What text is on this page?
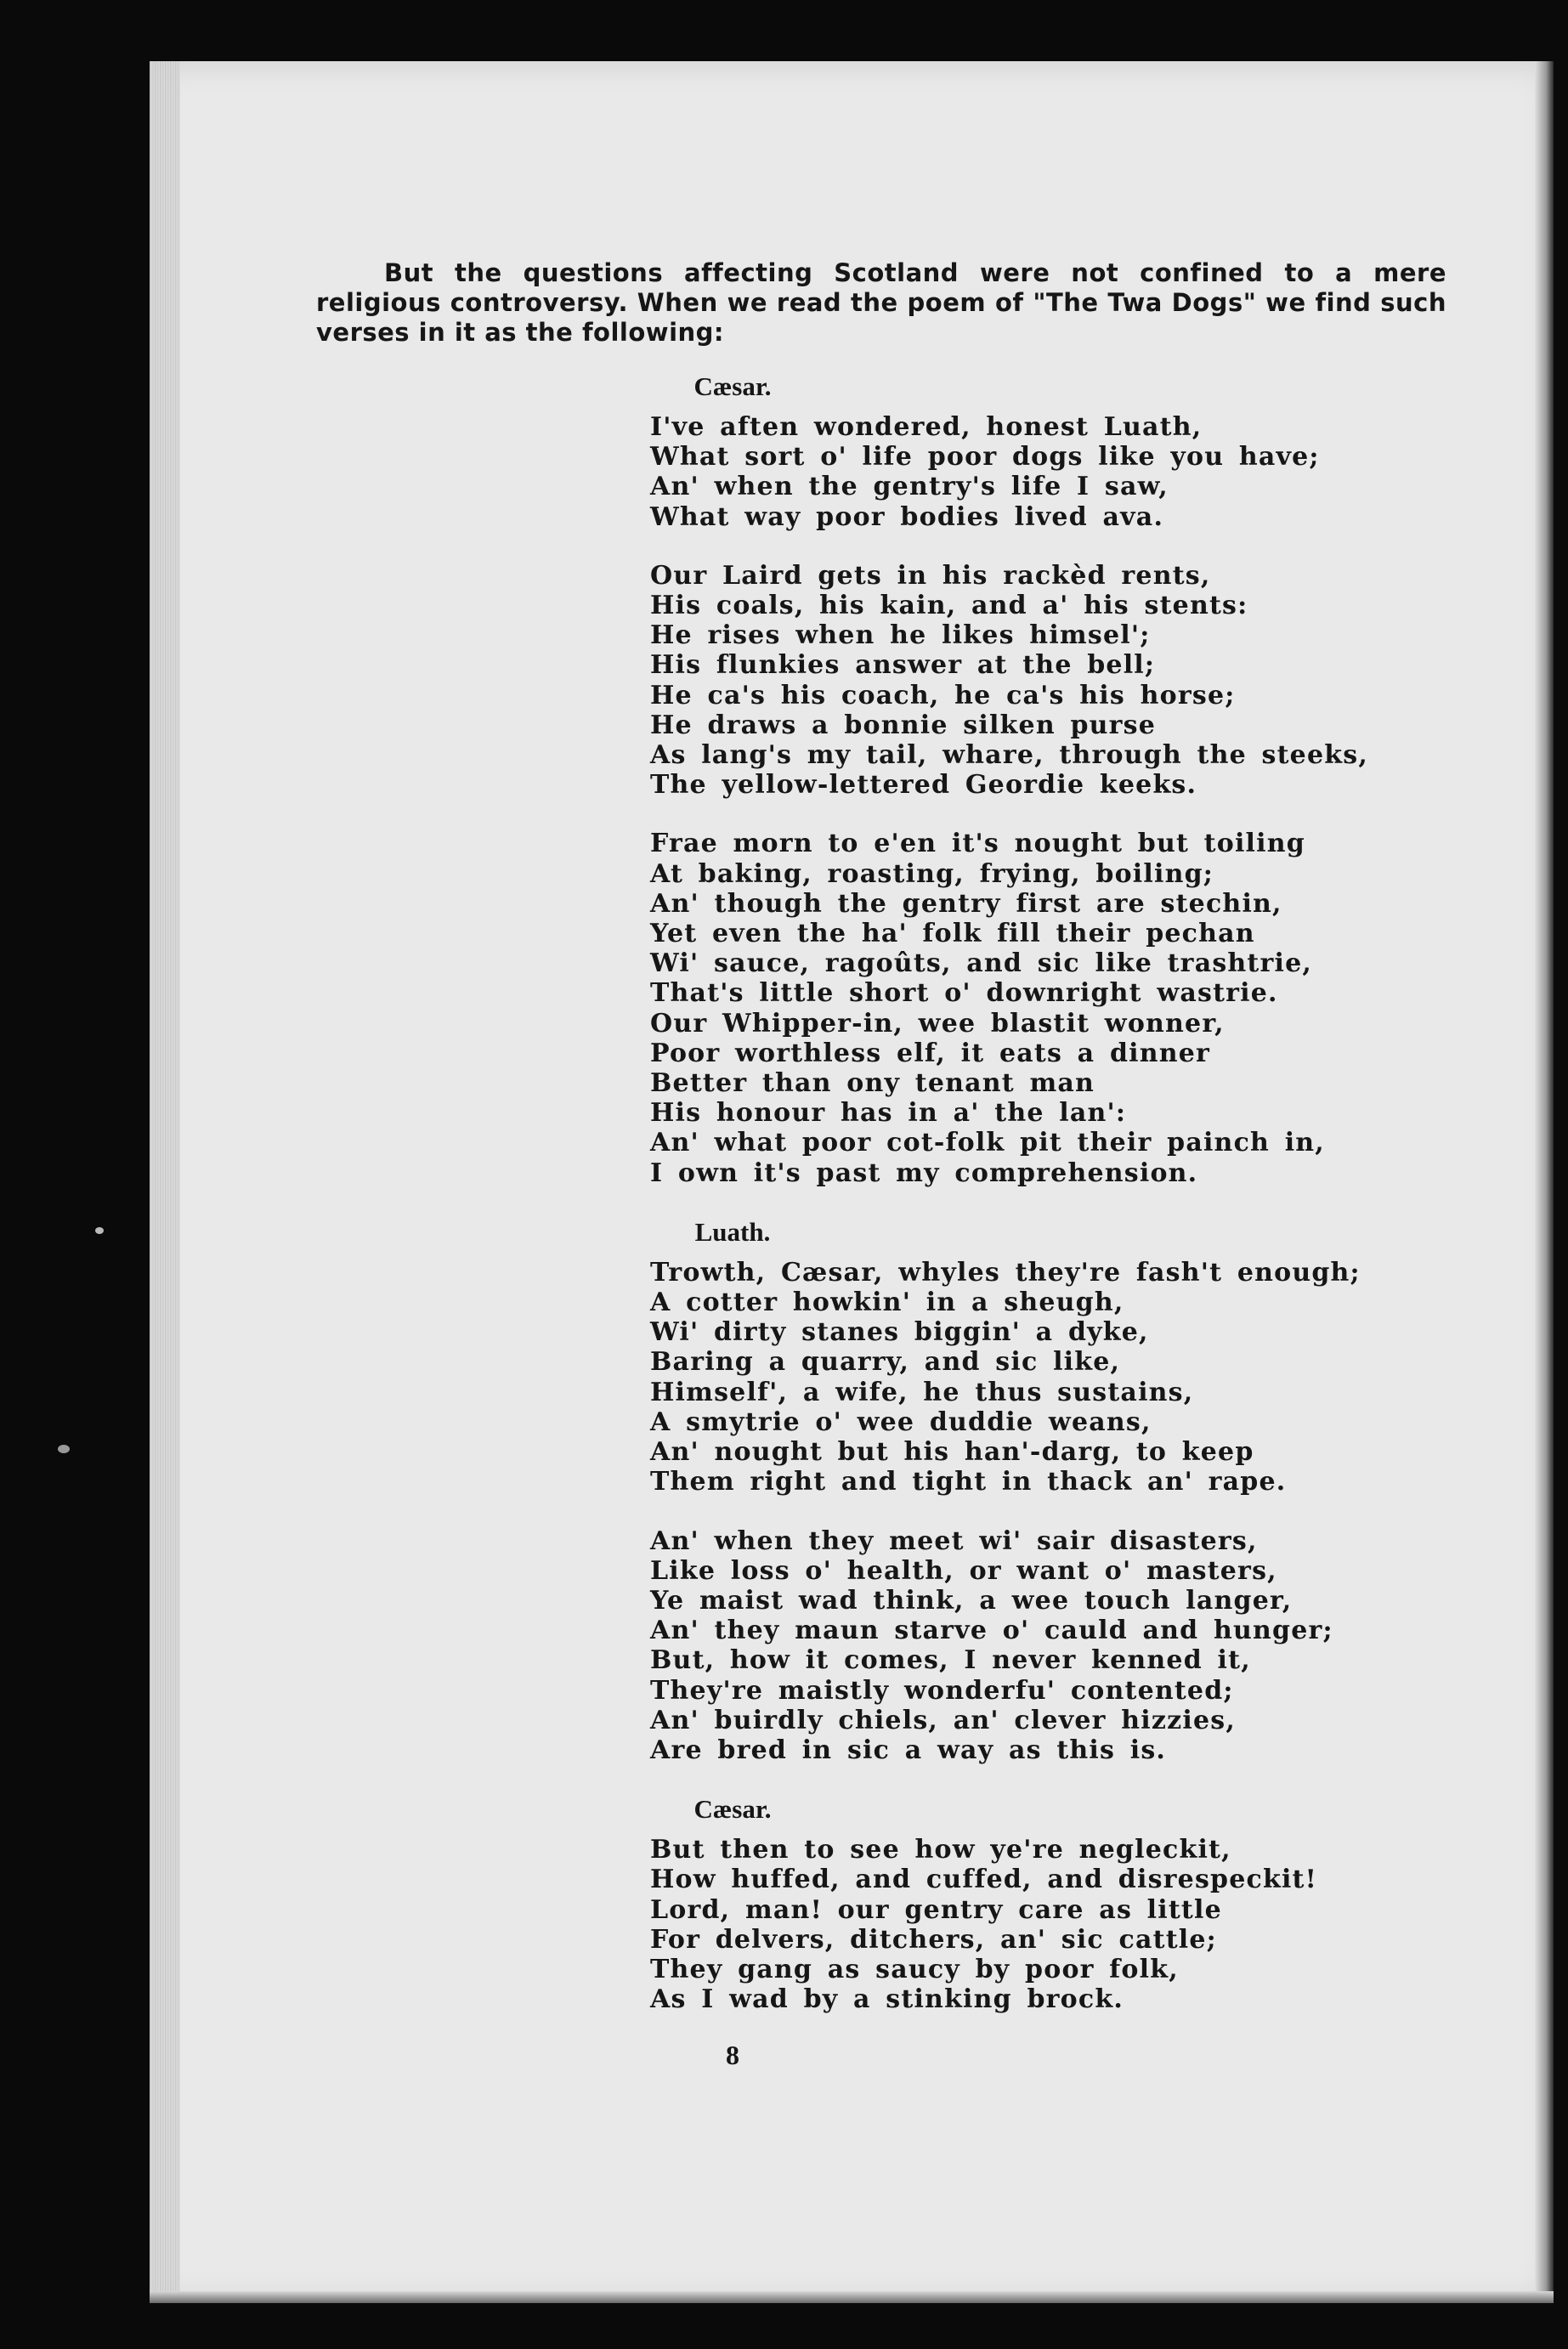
But the questions affecting Scotland were not confined to a mere religious controversy. When we read the poem of "The Twa Dogs" we find such verses in it as the following:

Cæsar.
I've aften wondered, honest Luath,
What sort o' life poor dogs like you have;
An' when the gentry's life I saw,
What way poor bodies lived ava.
Our Laird gets in his rackèd rents,
His coals, his kain, and a' his stents:
He rises when he likes himsel';
His flunkies answer at the bell;
He ca's his coach, he ca's his horse;
He draws a bonnie silken purse
As lang's my tail, whare, through the steeks,
The yellow-lettered Geordie keeks.
Frae morn to e'en it's nought but toiling
At baking, roasting, frying, boiling;
An' though the gentry first are stechin,
Yet even the ha' folk fill their pechan
Wi' sauce, ragoûts, and sic like trashtrie,
That's little short o' downright wastrie.
Our Whipper-in, wee blastit wonner,
Poor worthless elf, it eats a dinner
Better than ony tenant man
His honour has in a' the lan':
An' what poor cot-folk pit their painch in,
I own it's past my comprehension.
Luath.
Trowth, Cæsar, whyles they're fash't enough;
A cotter howkin' in a sheugh,
Wi' dirty stanes biggin' a dyke,
Baring a quarry, and sic like,
Himself', a wife, he thus sustains,
A smytrie o' wee duddie weans,
An' nought but his han'-darg, to keep
Them right and tight in thack an' rape.
An' when they meet wi' sair disasters,
Like loss o' health, or want o' masters,
Ye maist wad think, a wee touch langer,
An' they maun starve o' cauld and hunger;
But, how it comes, I never kenned it,
They're maistly wonderfu' contented;
An' buirdly chiels, an' clever hizzies,
Are bred in sic a way as this is.
Cæsar.
But then to see how ye're negleckit,
How huffed, and cuffed, and disrespeckit!
Lord, man! our gentry care as little
For delvers, ditchers, an' sic cattle;
They gang as saucy by poor folk,
As I wad by a stinking brock.
8
